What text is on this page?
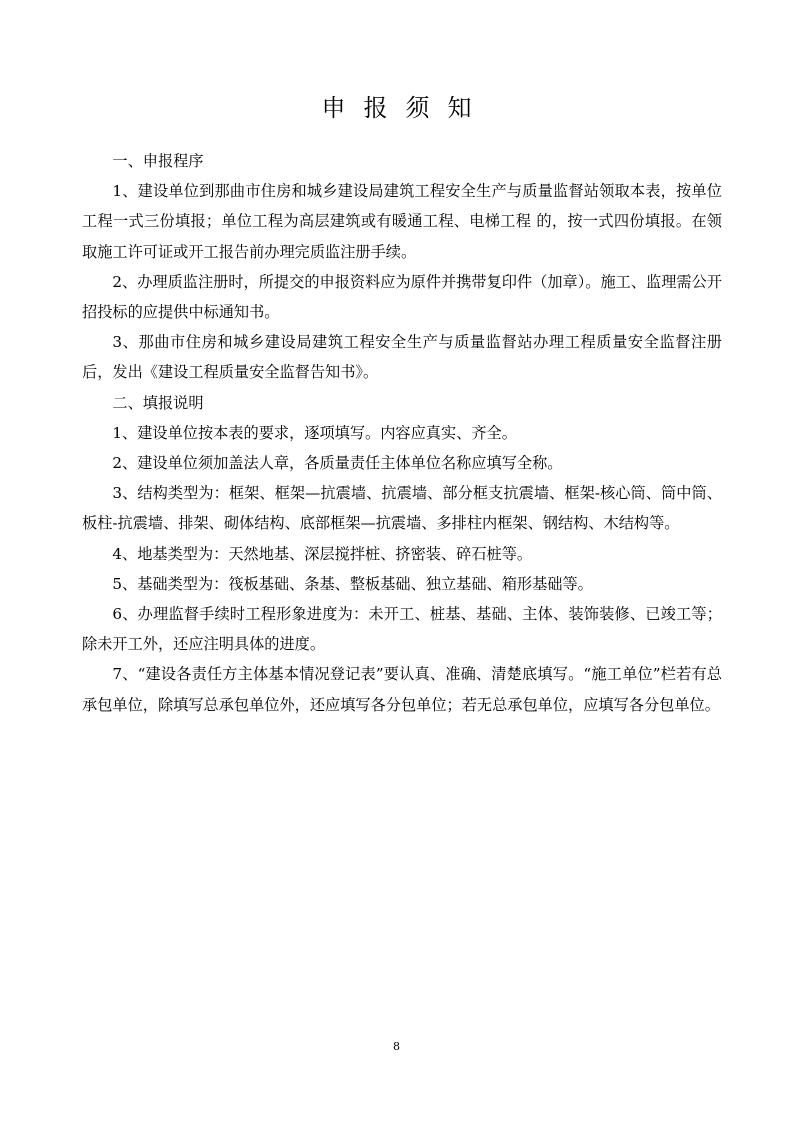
申报须知

一、申报程序

1、建设单位到那曲市住房和城乡建设局建筑工程安全生产与质量监督站领取本表，按单位工程一式三份填报；单位工程为高层建筑或有暖通工程、电梯工程 的，按一式四份填报。在领取施工许可证或开工报告前办理完质监注册手续。

2、办理质监注册时，所提交的申报资料应为原件并携带复印件（加章）。施工、监理需公开招投标的应提供中标通知书。

3、那曲市住房和城乡建设局建筑工程安全生产与质量监督站办理工程质量安全监督注册后，发出《建设工程质量安全监督告知书》。

二、填报说明

1、建设单位按本表的要求，逐项填写。内容应真实、齐全。

2、建设单位须加盖法人章，各质量责任主体单位名称应填写全称。

3、结构类型为：框架、框架—抗震墙、抗震墙、部分框支抗震墙、框架-核心筒、筒中筒、板柱-抗震墙、排架、砌体结构、底部框架—抗震墙、多排柱内框架、钢结构、木结构等。

4、地基类型为：天然地基、深层搅拌桩、挤密装、碎石桩等。

5、基础类型为：筏板基础、条基、整板基础、独立基础、箱形基础等。

6、办理监督手续时工程形象进度为：未开工、桩基、基础、主体、装饰装修、已竣工等；除未开工外，还应注明具体的进度。

7、“建设各责任方主体基本情况登记表”要认真、准确、清楚底填写。“施工单位”栏若有总承包单位，除填写总承包单位外，还应填写各分包单位；若无总承包单位，应填写各分包单位。

8
